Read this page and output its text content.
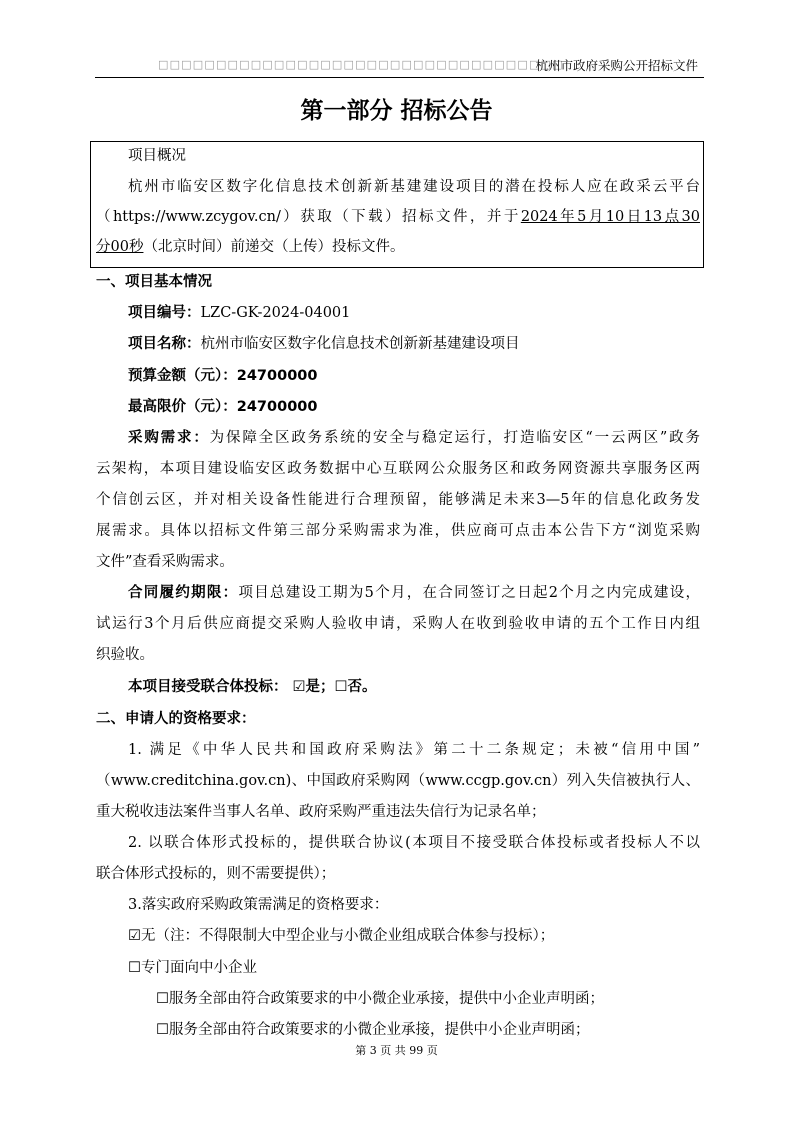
□□□□□□□□□□□□□□□□□□□□□□□□□□□□□□□□□□□
杭州市政府采购公开招标文件
第一部分 招标公告
项目概况
杭州市临安区数字化信息技术创新新基建建设项目的潜在投标人应在政采云平台
（https://www.zcygov.cn/）获取（下载）招标文件，并于2024年5月10日13点30
分00秒（北京时间）前递交（上传）投标文件。
一、项目基本情况
项目编号：LZC-GK-2024-04001
项目名称：杭州市临安区数字化信息技术创新新基建建设项目
预算金额（元）：24700000
最高限价（元）：24700000
采购需求：为保障全区政务系统的安全与稳定运行，打造临安区“一云两区”政务
云架构，本项目建设临安区政务数据中心互联网公众服务区和政务网资源共享服务区两
个信创云区，并对相关设备性能进行合理预留，能够满足未来3—5年的信息化政务发
展需求。具体以招标文件第三部分采购需求为准，供应商可点击本公告下方“浏览采购
文件”查看采购需求。
合同履约期限：项目总建设工期为5个月，在合同签订之日起2个月之内完成建设，
试运行3个月后供应商提交采购人验收申请，采购人在收到验收申请的五个工作日内组
织验收。
本项目接受联合体投标： ☑是；☐否。
二、申请人的资格要求：
1. 满足《中华人民共和国政府采购法》第二十二条规定；未被“信用中国”
（www.creditchina.gov.cn)、中国政府采购网（www.ccgp.gov.cn）列入失信被执行人、
重大税收违法案件当事人名单、政府采购严重违法失信行为记录名单；
2. 以联合体形式投标的，提供联合协议(本项目不接受联合体投标或者投标人不以
联合体形式投标的，则不需要提供）；
3.落实政府采购政策需满足的资格要求：
☑无（注：不得限制大中型企业与小微企业组成联合体参与投标）；
☐专门面向中小企业
☐服务全部由符合政策要求的中小微企业承接，提供中小企业声明函；
☐服务全部由符合政策要求的小微企业承接，提供中小企业声明函；
第 3 页 共 99 页
